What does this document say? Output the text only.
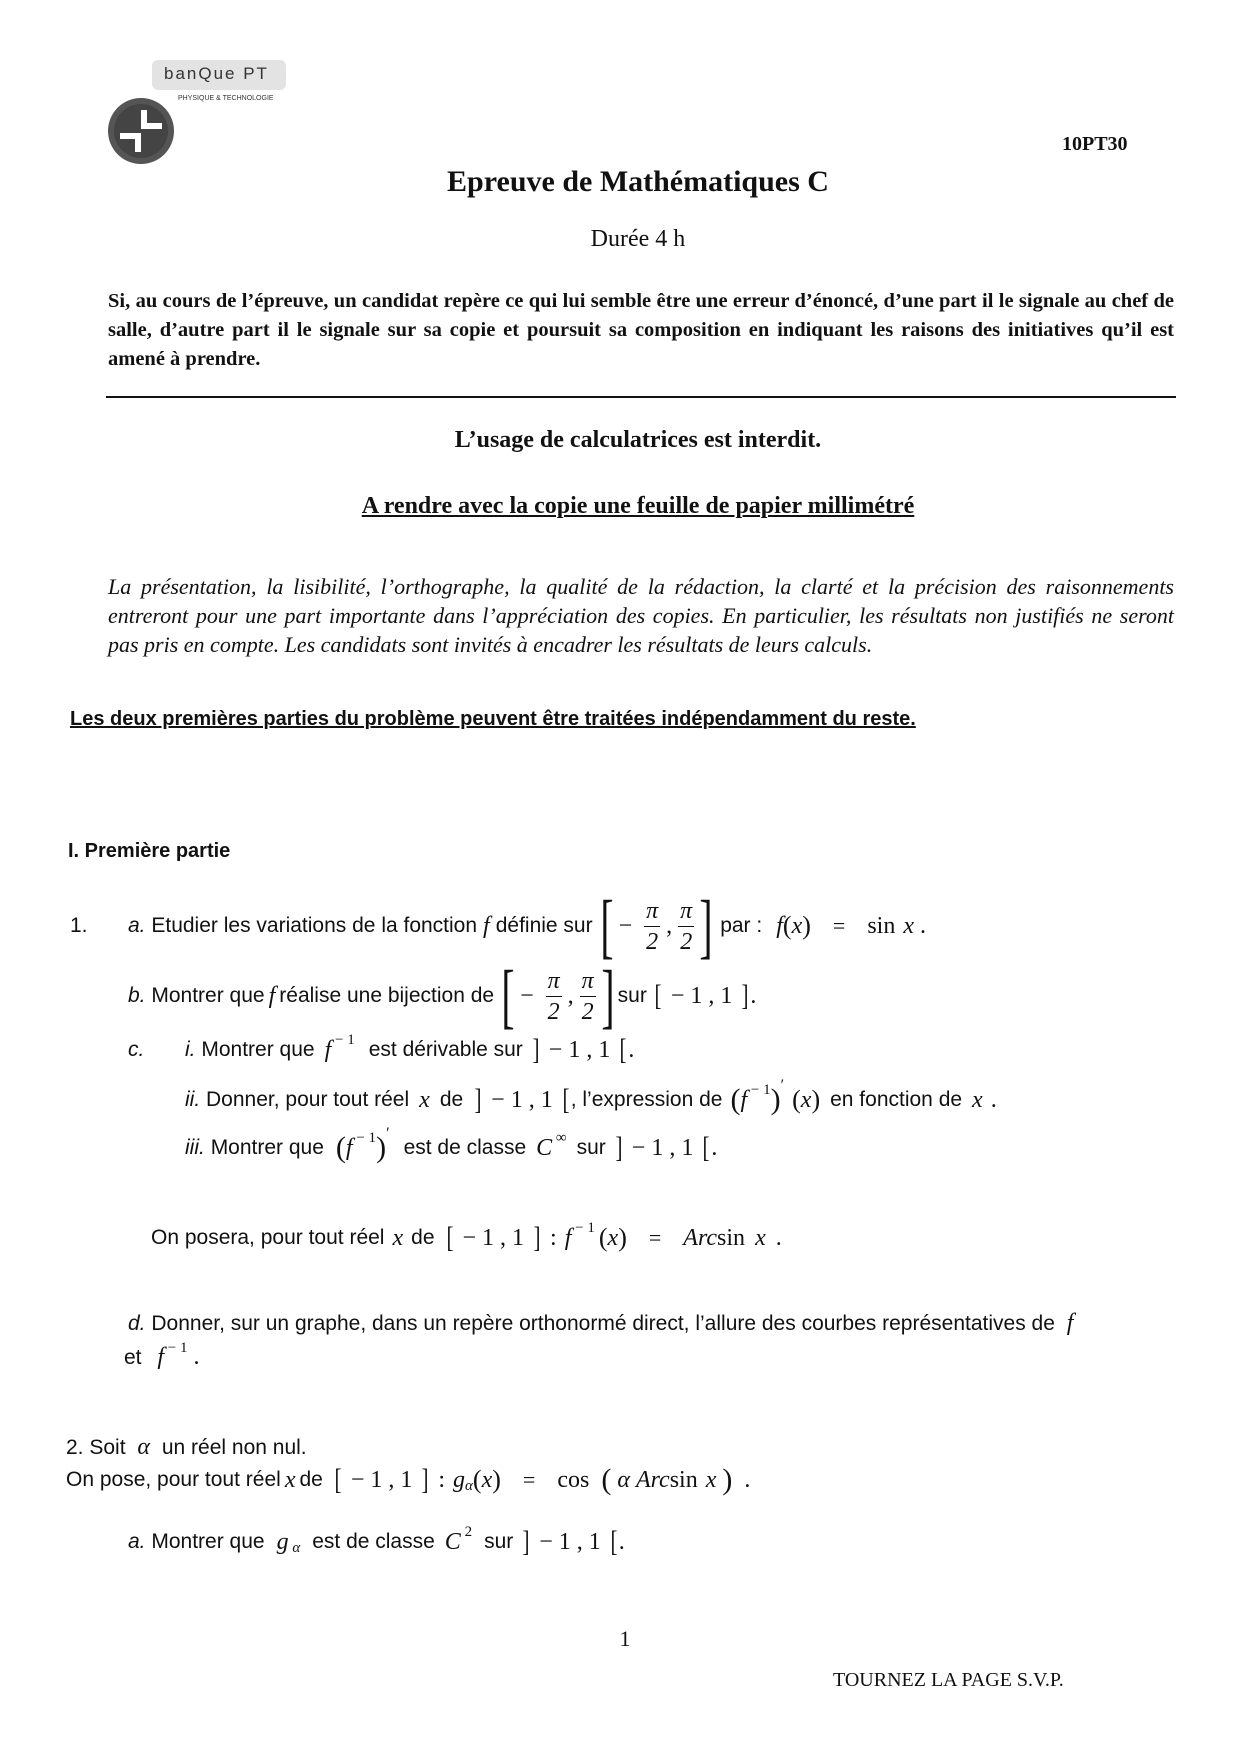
banQue PT
PHYSIQUE & TECHNOLOGIE
10PT30
Epreuve de Mathématiques C
Durée 4 h
Si, au cours de l’épreuve, un candidat repère ce qui lui semble être une erreur d’énoncé, d’une part il le signale au chef de salle, d’autre part il le signale sur sa copie et poursuit sa composition en indiquant les raisons des initiatives qu’il est amené à prendre.
L’usage de calculatrices est interdit.
A rendre avec la copie une feuille de papier millimétré
La présentation, la lisibilité, l’orthographe, la qualité de la rédaction, la clarté et la précision des raisonnements entreront pour une part importante dans l’appréciation des copies. En particulier, les résultats non justifiés ne seront pas pris en compte. Les candidats sont invités à encadrer les résultats de leurs calculs.
Les deux premières parties du problème peuvent être traitées indépendamment du reste.
I. Première partie
1.	a.
Etudier les variations de la fonction f définie sur [ − $\frac{\pi}{2}$ , $\frac{\pi}{2}$ ] par : f ( x ) = sin x .
b.
Montrer que f réalise une bijection de [ − $\frac{\pi}{2}$ , $\frac{\pi}{2}$ ] sur [ − 1 , 1 ] .
c.	i.
Montrer que f $^{- 1}$ est dérivable sur ] − 1 , 1 [ .
ii.
Donner, pour tout réel x de ] − 1 , 1 [ , l’expression de ( f $^{- 1}$ )′ ( x ) en fonction de x .
iii.
Montrer que ( f $^{- 1}$ )′
est de classe C ∞ sur ] − 1 , 1 [ .
On posera, pour tout réel x de [ − 1 , 1 ] : f $^{- 1}$ ( x ) = Arc sin x .
d. Donner, sur un graphe, dans un repère orthonormé direct, l’allure des courbes représentatives de f
et f $^{- 1}$ .
2. Soit α un réel non nul.
On pose, pour tout réel x de [ − 1 , 1 ] : $g_\alpha$ ( x ) = cos ( α Arc sin x ) .
a.
Montrer que g $_\alpha$ est de classe C $^2$ sur ] − 1 , 1 [ .
1
TOURNEZ LA PAGE S.V.P.
